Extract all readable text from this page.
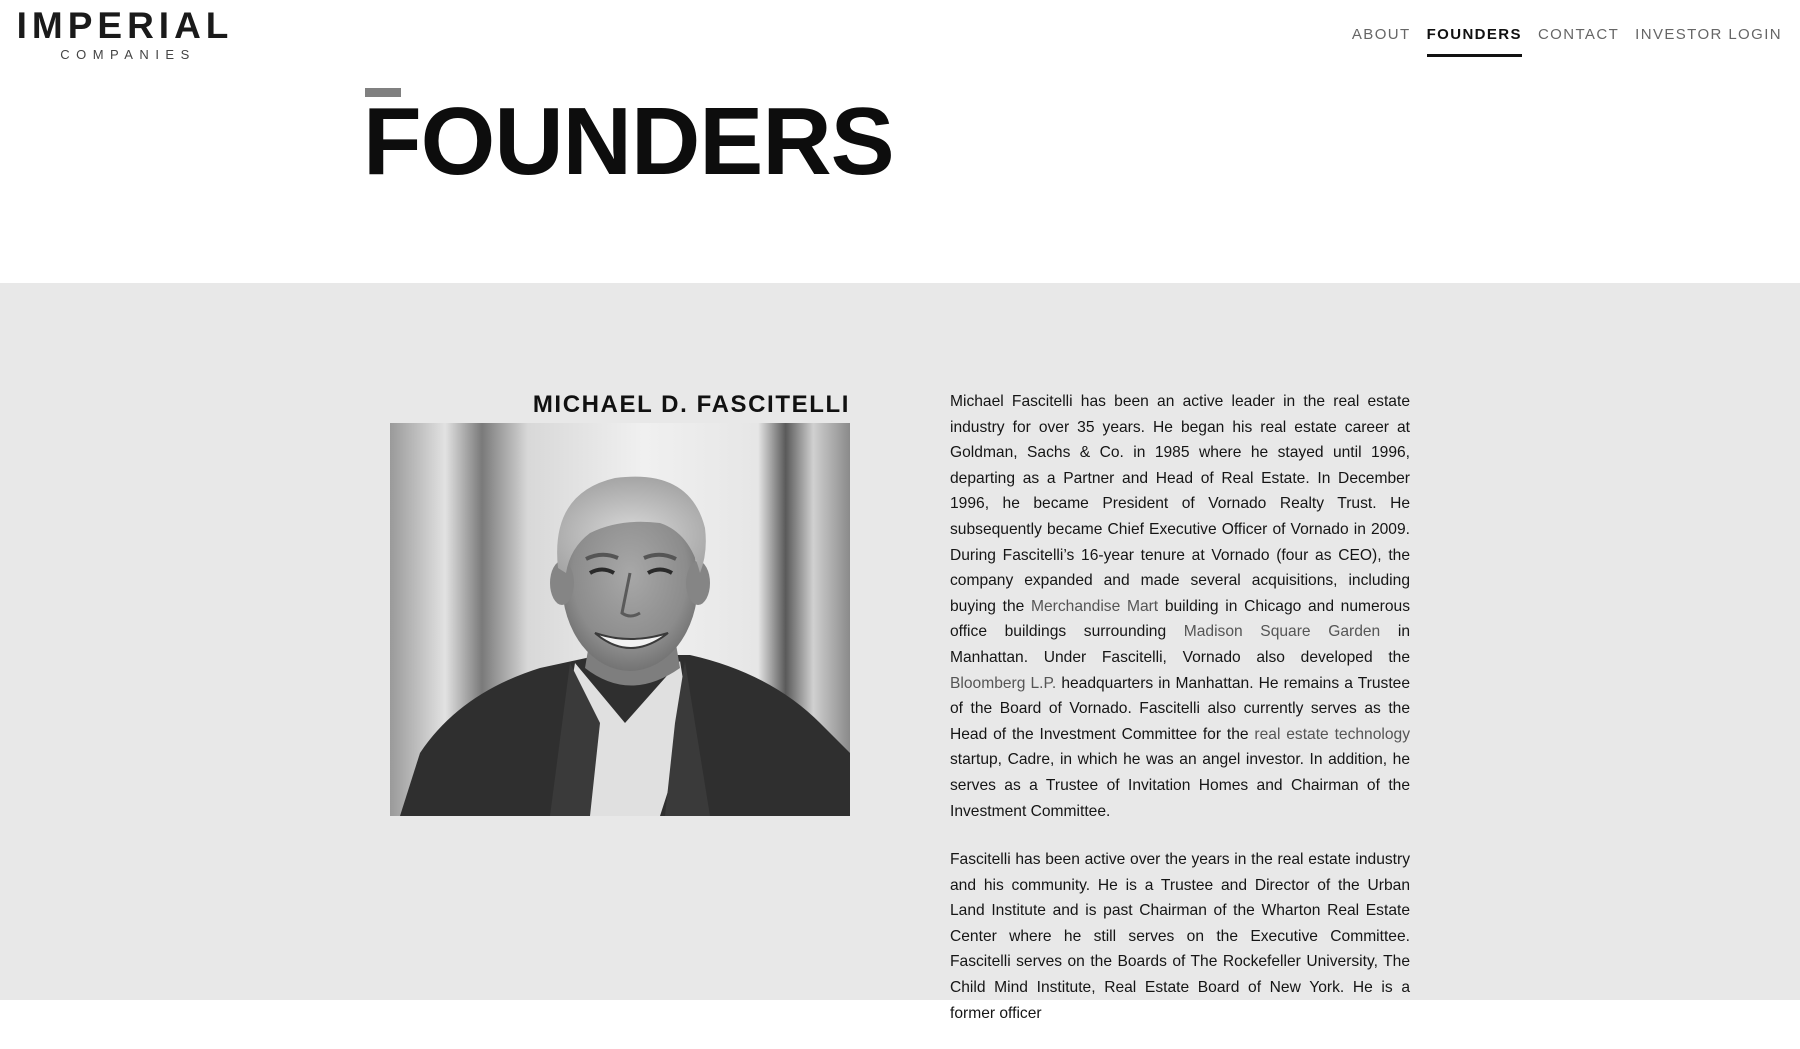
IMPERIAL
COMPANIES
ABOUT	FOUNDERS	CONTACT	INVESTOR LOGIN
FOUNDERS
MICHAEL D. FASCITELLI	Michael Fascitelli has been an active leader in the real estate industry for over 35 years. He began his real estate career at Goldman, Sachs & Co. in 1985 where he stayed until 1996, departing as a Partner and Head of Real Estate. In December 1996, he became President of Vornado Realty Trust. He subsequently became Chief Executive Officer of Vornado in 2009. During Fascitelli’s 16-year tenure at Vornado (four as CEO), the company expanded and made several acquisitions, including buying the Merchandise Mart building in Chicago and numerous office buildings surrounding Madison Square Garden in Manhattan. Under Fascitelli, Vornado also developed the Bloomberg L.P. headquarters in Manhattan. He remains a Trustee of the Board of Vornado. Fascitelli also currently serves as the Head of the Investment Committee for the real estate technology startup, Cadre, in which he was an angel investor. In addition, he serves as a Trustee of Invitation Homes and Chairman of the Investment Committee.

Fascitelli has been active over the years in the real estate industry and his community. He is a Trustee and Director of the Urban Land Institute and is past Chairman of the Wharton Real Estate Center where he still serves on the Executive Committee. Fascitelli serves on the Boards of The Rockefeller University, The Child Mind Institute, Real Estate Board of New York. He is a former officer
